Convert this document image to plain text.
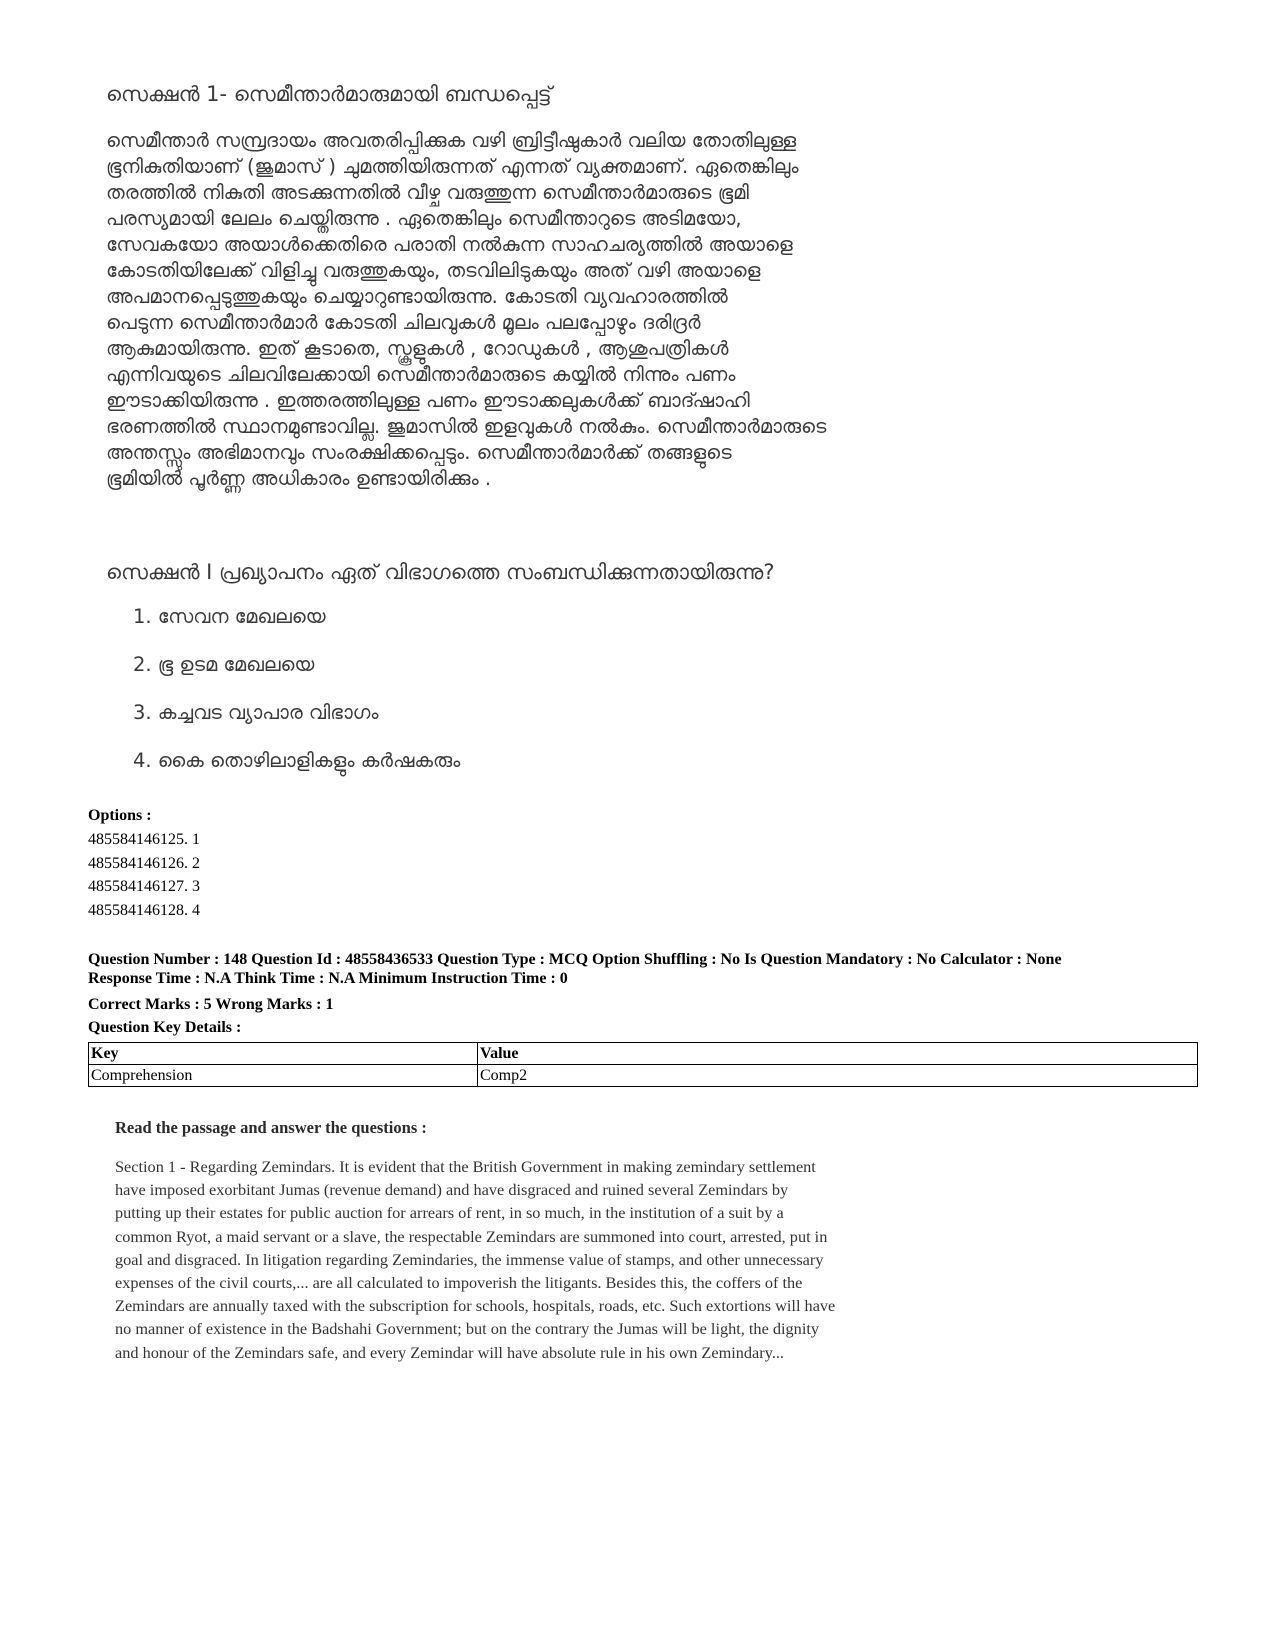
സെക്ഷൻ 1- സെമീന്താർമാരുമായി ബന്ധപ്പെട്ട്
സെമീന്താർ സമ്പ്രദായം അവതരിപ്പിക്കുക വഴി ബ്രിട്ടീഷുകാർ വലിയ തോതിലുള്ള
ഭൂനികുതിയാണ് (ജുമാസ് ) ചുമത്തിയിരുന്നത് എന്നത് വ്യക്തമാണ്. ഏതെങ്കിലും
തരത്തിൽ നികുതി അടക്കുന്നതിൽ വീഴ്ച വരുത്തുന്ന സെമീന്താർമാരുടെ ഭൂമി
പരസ്യമായി ലേലം ചെയ്തിരുന്നു . ഏതെങ്കിലും സെമീന്താറുടെ അടിമയോ,
സേവകയോ അയാൾക്കെതിരെ പരാതി നൽകുന്ന സാഹചര്യത്തിൽ അയാളെ
കോടതിയിലേക്ക് വിളിച്ചു വരുത്തുകയും, തടവിലിടുകയും അത് വഴി അയാളെ
അപമാനപ്പെടുത്തുകയും ചെയ്യാറുണ്ടായിരുന്നു. കോടതി വ്യവഹാരത്തിൽ
പെടുന്ന സെമീന്താർമാർ കോടതി ചിലവുകൾ മൂലം പലപ്പോഴും ദരിദ്രർ
ആകുമായിരുന്നു. ഇത് കൂടാതെ, സ്കൂളുകൾ , റോഡുകൾ , ആശുപത്രികൾ
എന്നിവയുടെ ചിലവിലേക്കായി സെമീന്താർമാരുടെ കയ്യിൽ നിന്നും പണം
ഈടാക്കിയിരുന്നു . ഇത്തരത്തിലുള്ള പണം ഈടാക്കലുകൾക്ക് ബാദ്ഷാഹി
ഭരണത്തിൽ സ്ഥാനമുണ്ടാവില്ല. ജുമാസിൽ ഇളവുകൾ നൽകും. സെമീന്താർമാരുടെ
അന്തസ്സും അഭിമാനവും സംരക്ഷിക്കപ്പെടും. സെമീന്താർമാർക്ക് തങ്ങളുടെ
ഭൂമിയിൽ പൂർണ്ണ അധികാരം ഉണ്ടായിരിക്കും .
സെക്ഷൻ I പ്രഖ്യാപനം ഏത് വിഭാഗത്തെ സംബന്ധിക്കുന്നതായിരുന്നു?
1. സേവന മേഖലയെ
2. ഭൂ ഉടമ മേഖലയെ
3. കച്ചവട വ്യാപാര വിഭാഗം
4. കൈ തൊഴിലാളികളും കർഷകരും
Options :
485584146125. 1
485584146126. 2
485584146127. 3
485584146128. 4
Question Number : 148 Question Id : 48558436533 Question Type : MCQ Option Shuffling : No Is Question Mandatory : No Calculator : None
Response Time : N.A Think Time : N.A Minimum Instruction Time : 0
Correct Marks : 5 Wrong Marks : 1
Question Key Details :
Key	Value
Comprehension	Comp2
Read the passage and answer the questions :
Section 1 - Regarding Zemindars. It is evident that the British Government in making zemindary settlement
have imposed exorbitant Jumas (revenue demand) and have disgraced and ruined several Zemindars by
putting up their estates for public auction for arrears of rent, in so much, in the institution of a suit by a
common Ryot, a maid servant or a slave, the respectable Zemindars are summoned into court, arrested, put in
goal and disgraced. In litigation regarding Zemindaries, the immense value of stamps, and other unnecessary
expenses of the civil courts,... are all calculated to impoverish the litigants. Besides this, the coffers of the
Zemindars are annually taxed with the subscription for schools, hospitals, roads, etc. Such extortions will have
no manner of existence in the Badshahi Government; but on the contrary the Jumas will be light, the dignity
and honour of the Zemindars safe, and every Zemindar will have absolute rule in his own Zemindary...
